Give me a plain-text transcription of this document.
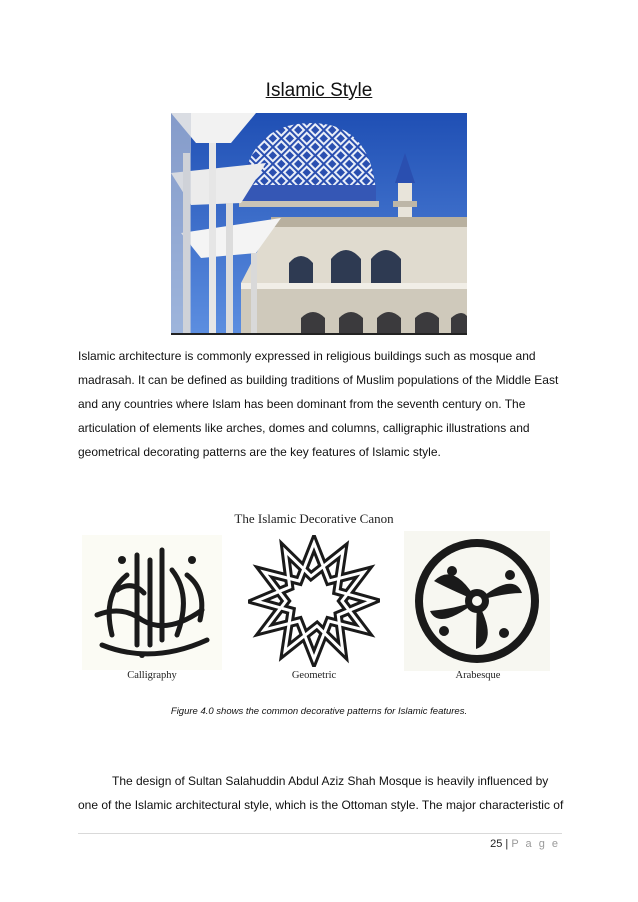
Islamic Style

Islamic architecture is commonly expressed in religious buildings such as mosque and madrasah. It can be defined as building traditions of Muslim populations of the Middle East and any countries where Islam has been dominant from the seventh century on. The articulation of elements like arches, domes and columns, calligraphic illustrations and geometrical decorating patterns are the key features of Islamic style.

The Islamic Decorative Canon
Calligraphy	Geometric	Arabesque
Figure 4.0 shows the common decorative patterns for Islamic features.

The design of Sultan Salahuddin Abdul Aziz Shah Mosque is heavily influenced by one of the Islamic architectural style, which is the Ottoman style. The major characteristic of

25 | P a g e
